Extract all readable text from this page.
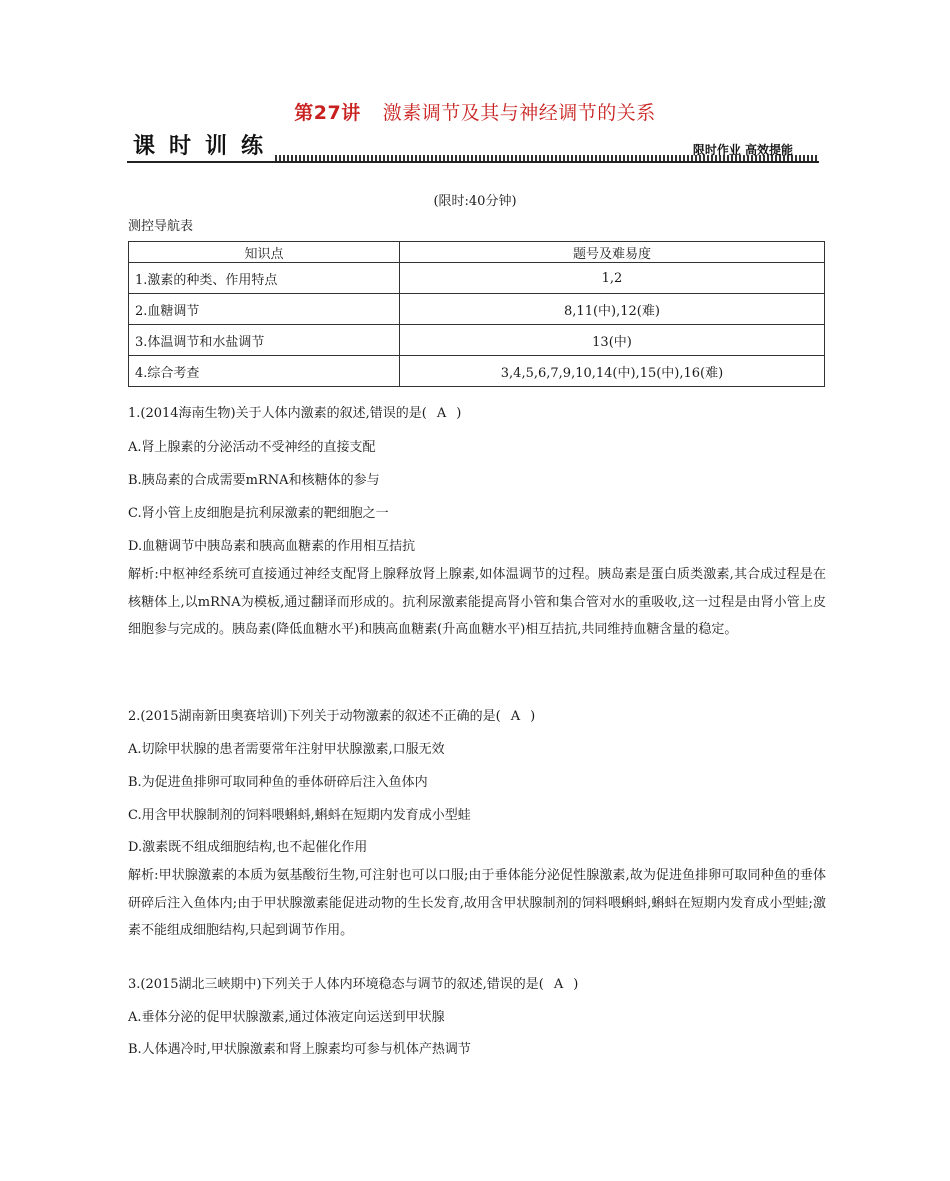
第27讲 激素调节及其与神经调节的关系
课 时 训 练	限时作业 高效提能
(限时:40分钟)
测控导航表
知识点	题号及难易度
1.激素的种类、作用特点	1,2
2.血糖调节	8,11(中),12(难)
3.体温调节和水盐调节	13(中)
4.综合考查	3,4,5,6,7,9,10,14(中),15(中),16(难)
1.(2014海南生物)关于人体内激素的叙述,错误的是( A )
A.肾上腺素的分泌活动不受神经的直接支配
B.胰岛素的合成需要mRNA和核糖体的参与
C.肾小管上皮细胞是抗利尿激素的靶细胞之一
D.血糖调节中胰岛素和胰高血糖素的作用相互拮抗
解析:中枢神经系统可直接通过神经支配肾上腺释放肾上腺素,如体温调节的过程。胰岛素是蛋白质类激素,其合成过程是在核糖体上,以mRNA为模板,通过翻译而形成的。抗利尿激素能提高肾小管和集合管对水的重吸收,这一过程是由肾小管上皮细胞参与完成的。胰岛素(降低血糖水平)和胰高血糖素(升高血糖水平)相互拮抗,共同维持血糖含量的稳定。
2.(2015湖南新田奥赛培训)下列关于动物激素的叙述不正确的是( A )
A.切除甲状腺的患者需要常年注射甲状腺激素,口服无效
B.为促进鱼排卵可取同种鱼的垂体研碎后注入鱼体内
C.用含甲状腺制剂的饲料喂蝌蚪,蝌蚪在短期内发育成小型蛙
D.激素既不组成细胞结构,也不起催化作用
解析:甲状腺激素的本质为氨基酸衍生物,可注射也可以口服;由于垂体能分泌促性腺激素,故为促进鱼排卵可取同种鱼的垂体研碎后注入鱼体内;由于甲状腺激素能促进动物的生长发育,故用含甲状腺制剂的饲料喂蝌蚪,蝌蚪在短期内发育成小型蛙;激素不能组成细胞结构,只起到调节作用。
3.(2015湖北三峡期中)下列关于人体内环境稳态与调节的叙述,错误的是( A )
A.垂体分泌的促甲状腺激素,通过体液定向运送到甲状腺
B.人体遇冷时,甲状腺激素和肾上腺素均可参与机体产热调节
